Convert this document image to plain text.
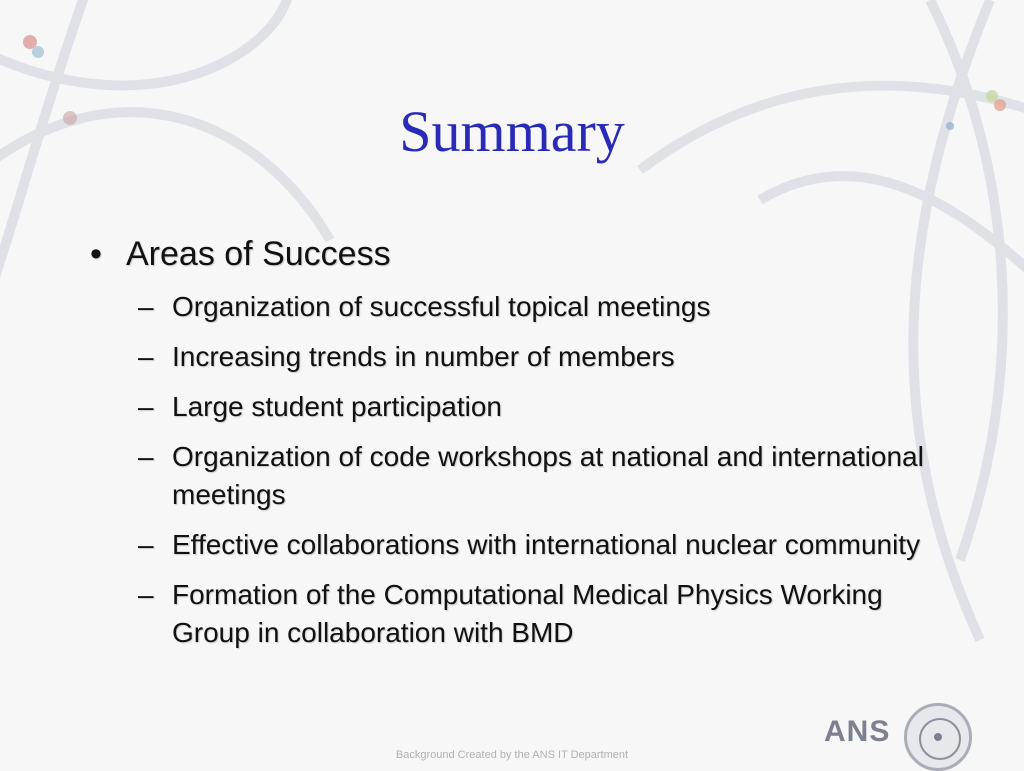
Summary
• Areas of Success
– Organization of successful topical meetings
– Increasing trends in number of members
– Large student participation
– Organization of code workshops at national and international meetings
– Effective collaborations with international nuclear community
– Formation of the Computational Medical Physics Working Group in collaboration with BMD
ANS
Background Created by the ANS IT Department
